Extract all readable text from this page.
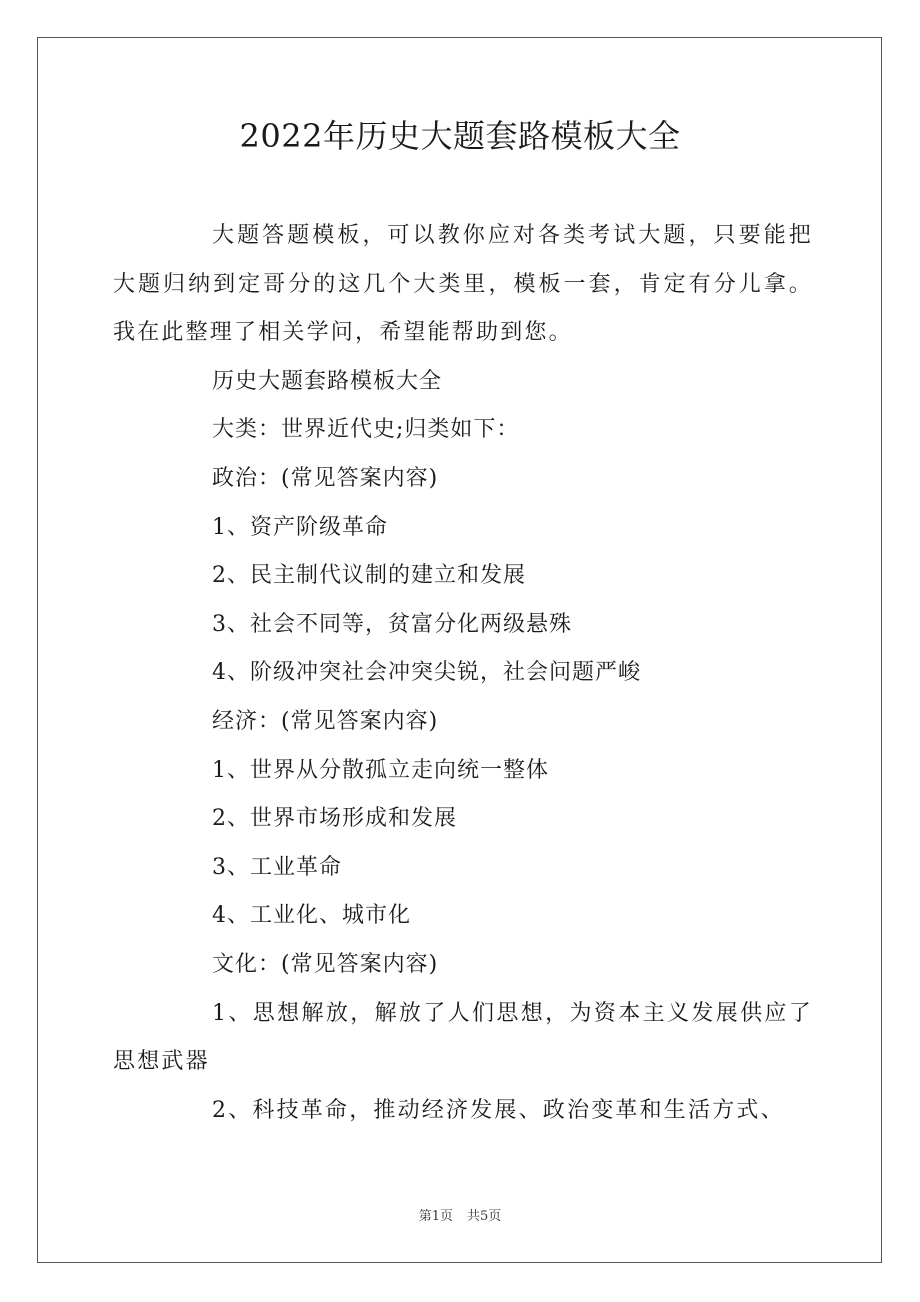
2022年历史大题套路模板大全

大题答题模板，可以教你应对各类考试大题，只要能把大题归纳到定哥分的这几个大类里，模板一套，肯定有分儿拿。我在此整理了相关学问，希望能帮助到您。

历史大题套路模板大全

大类：世界近代史;归类如下：

政治：(常见答案内容)

1、资产阶级革命

2、民主制代议制的建立和发展

3、社会不同等，贫富分化两级悬殊

4、阶级冲突社会冲突尖锐，社会问题严峻

经济：(常见答案内容)

1、世界从分散孤立走向统一整体

2、世界市场形成和发展

3、工业革命

4、工业化、城市化

文化：(常见答案内容)

1、思想解放，解放了人们思想，为资本主义发展供应了思想武器

2、科技革命，推动经济发展、政治变革和生活方式、

第1页 共5页
